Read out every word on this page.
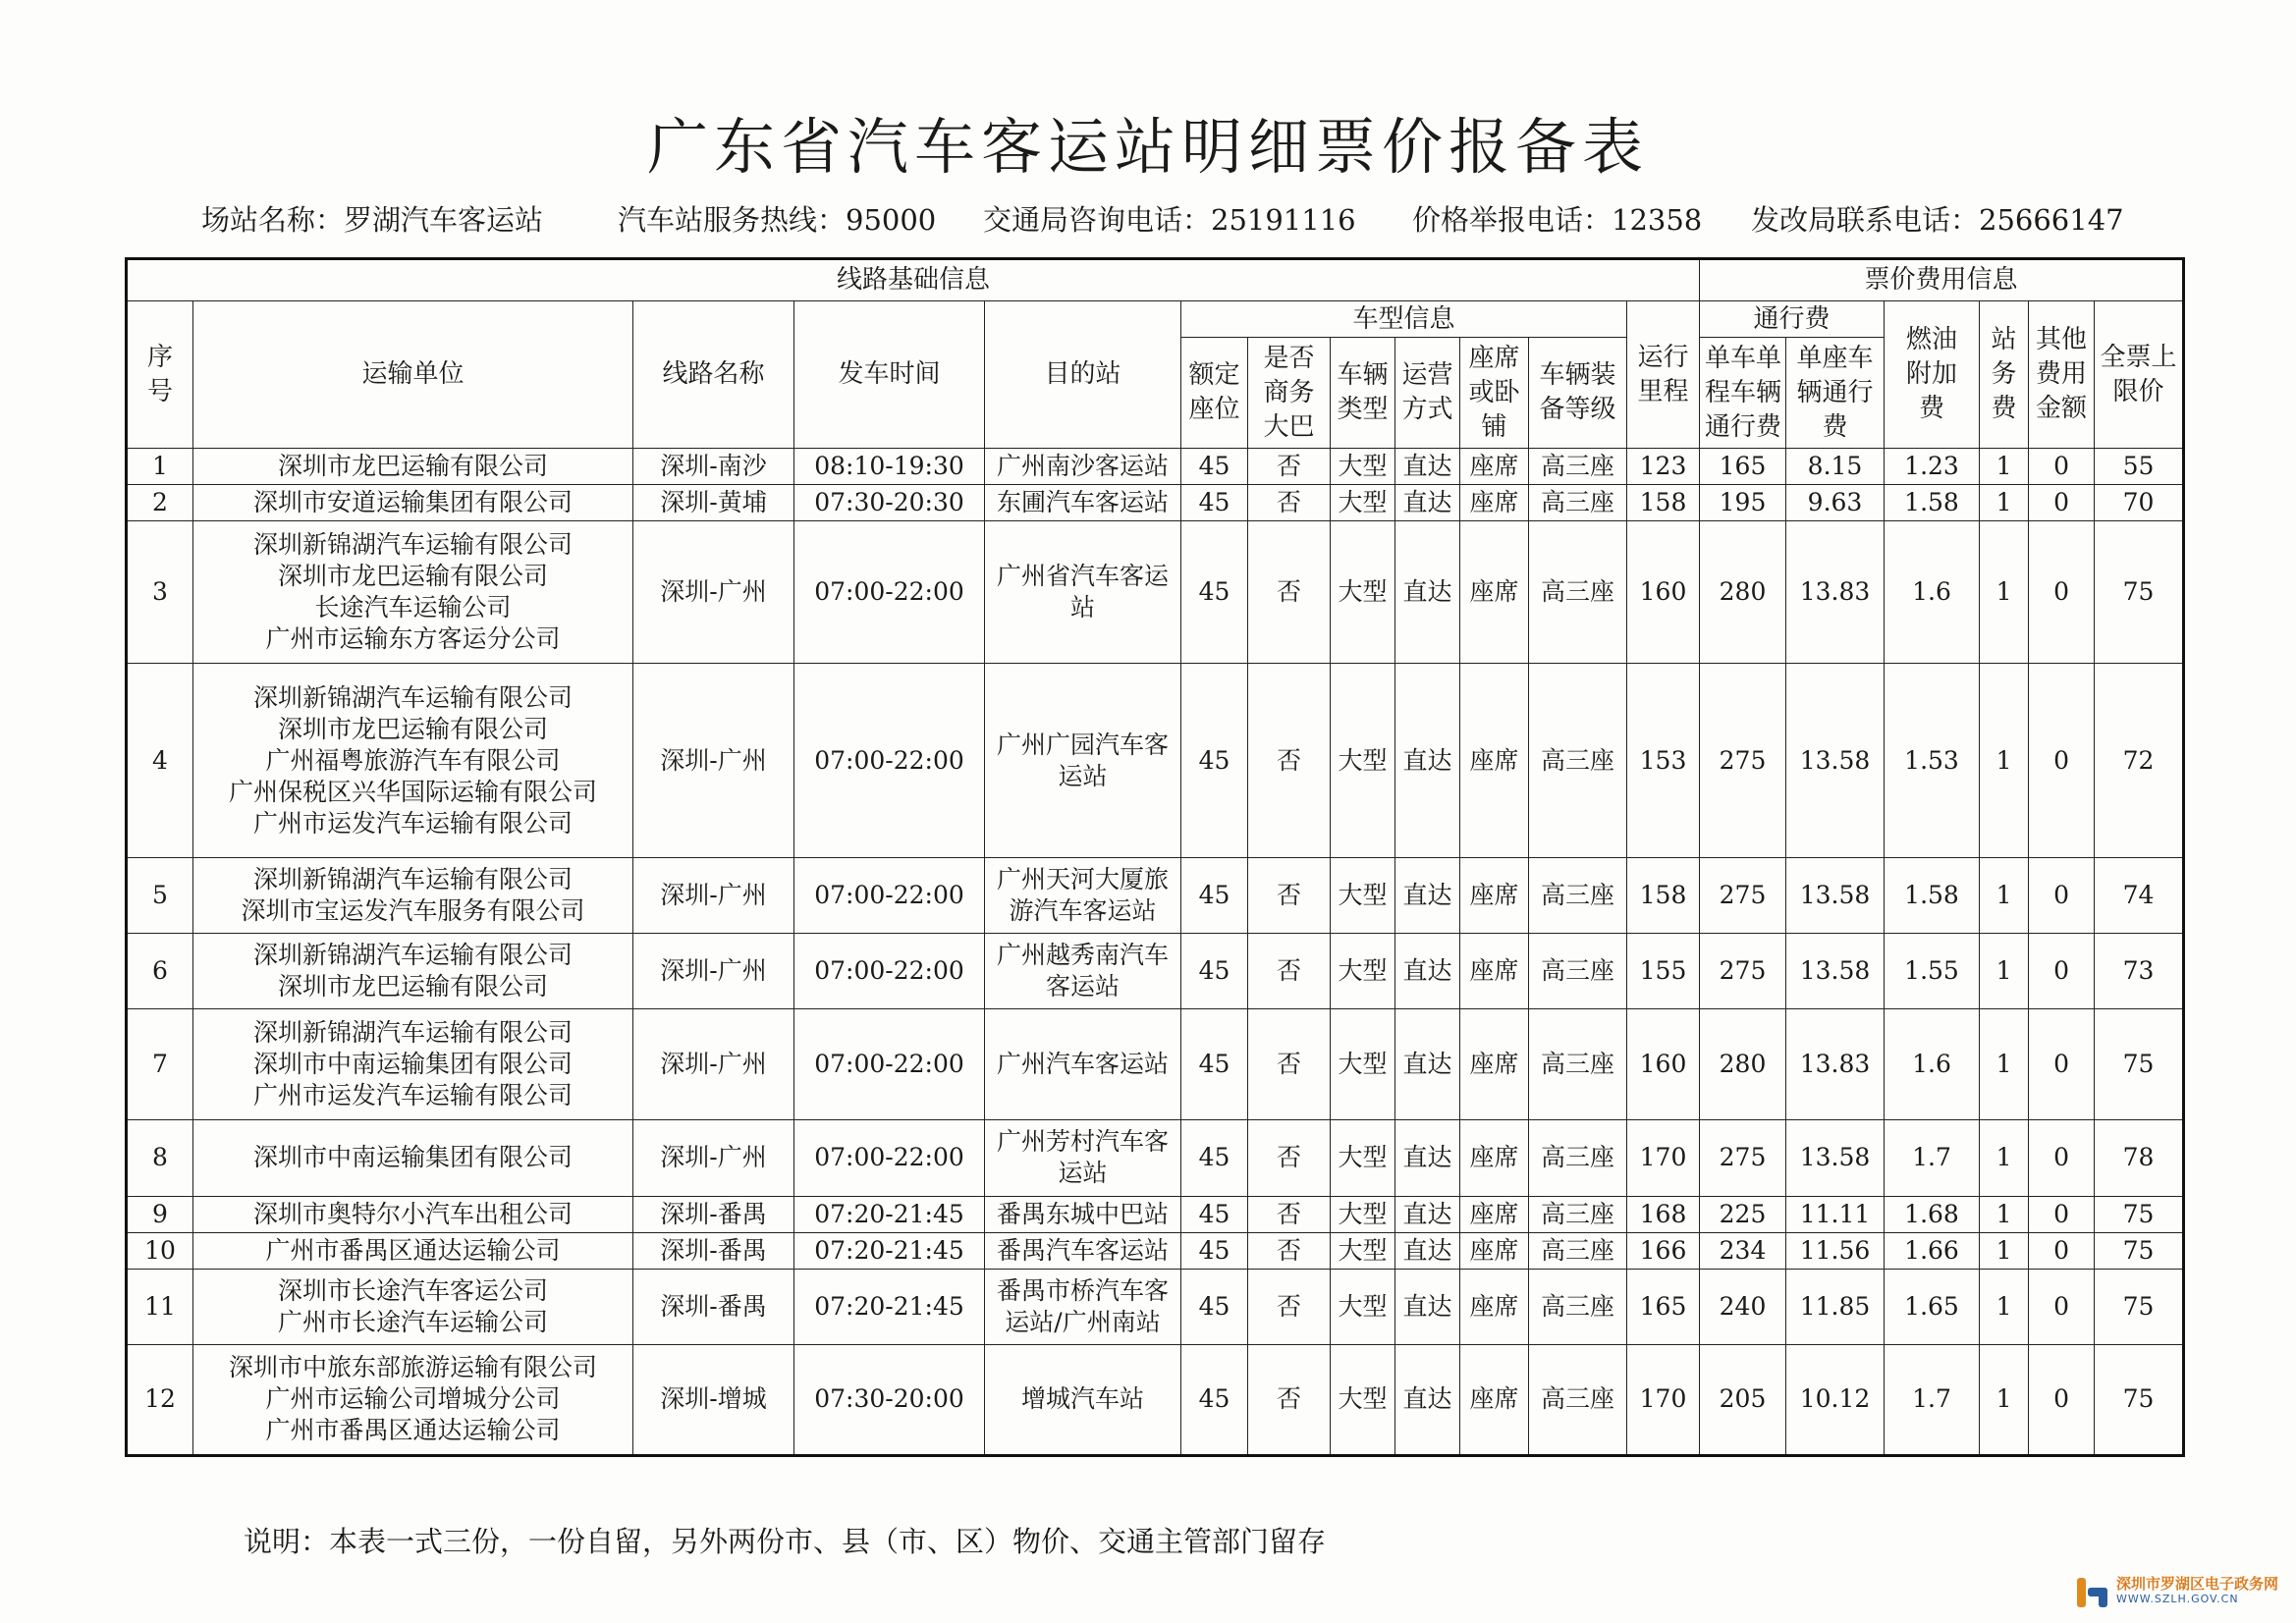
广东省汽车客运站明细票价报备表
场站名称：罗湖汽车客运站	汽车站服务热线：95000 交通局咨询电话：25191116 价格举报电话：12358 发改局联系电话：25666147
线路基础信息												票价费用信息					

序号	运输单位	线路名称	发车时间	目的站	车型信息						运行里程	通行费		燃油附加费	站务费	其他费用金额	全票上限价

					额定座位	是否商务大巴	车辆类型	运营方式	座席或卧铺	车辆装备等级		单车单程车辆通行费	单座车辆通行费				

1	深圳市龙巴运输有限公司	深圳-南沙	08:10-19:30	广州南沙客运站	45	否	大型	直达	座席	高三座	123	165	8.15	1.23	1	0	55
2	深圳市安道运输集团有限公司	深圳-黄埔	07:30-20:30	东圃汽车客运站	45	否	大型	直达	座席	高三座	158	195	9.63	1.58	1	0	70
3	深圳新锦湖汽车运输有限公司
深圳市龙巴运输有限公司
长途汽车运输公司
广州市运输东方客运分公司	深圳-广州	07:00-22:00	广州省汽车客运站	45	否	大型	直达	座席	高三座	160	280	13.83	1.6	1	0	75
4	深圳新锦湖汽车运输有限公司
深圳市龙巴运输有限公司
广州福粤旅游汽车有限公司
广州保税区兴华国际运输有限公司
广州市运发汽车运输有限公司	深圳-广州	07:00-22:00	广州广园汽车客运站	45	否	大型	直达	座席	高三座	153	275	13.58	1.53	1	0	72
5	深圳新锦湖汽车运输有限公司
深圳市宝运发汽车服务有限公司	深圳-广州	07:00-22:00	广州天河大厦旅游汽车客运站	45	否	大型	直达	座席	高三座	158	275	13.58	1.58	1	0	74
6	深圳新锦湖汽车运输有限公司
深圳市龙巴运输有限公司	深圳-广州	07:00-22:00	广州越秀南汽车客运站	45	否	大型	直达	座席	高三座	155	275	13.58	1.55	1	0	73
7	深圳新锦湖汽车运输有限公司
深圳市中南运输集团有限公司
广州市运发汽车运输有限公司	深圳-广州	07:00-22:00	广州汽车客运站	45	否	大型	直达	座席	高三座	160	280	13.83	1.6	1	0	75
8	深圳市中南运输集团有限公司	深圳-广州	07:00-22:00	广州芳村汽车客运站	45	否	大型	直达	座席	高三座	170	275	13.58	1.7	1	0	78
9	深圳市奥特尔小汽车出租公司	深圳-番禺	07:20-21:45	番禺东城中巴站	45	否	大型	直达	座席	高三座	168	225	11.11	1.68	1	0	75
10	广州市番禺区通达运输公司	深圳-番禺	07:20-21:45	番禺汽车客运站	45	否	大型	直达	座席	高三座	166	234	11.56	1.66	1	0	75
11	深圳市长途汽车客运公司
广州市长途汽车运输公司	深圳-番禺	07:20-21:45	番禺市桥汽车客运站/广州南站	45	否	大型	直达	座席	高三座	165	240	11.85	1.65	1	0	75
12	深圳市中旅东部旅游运输有限公司
广州市运输公司增城分公司
广州市番禺区通达运输公司	深圳-增城	07:30-20:00	增城汽车站	45	否	大型	直达	座席	高三座	170	205	10.12	1.7	1	0	75
说明：本表一式三份，一份自留，另外两份市、县（市、区）物价、交通主管部门留存
深圳市罗湖区电子政务网
WWW.SZLH.GOV.CN
